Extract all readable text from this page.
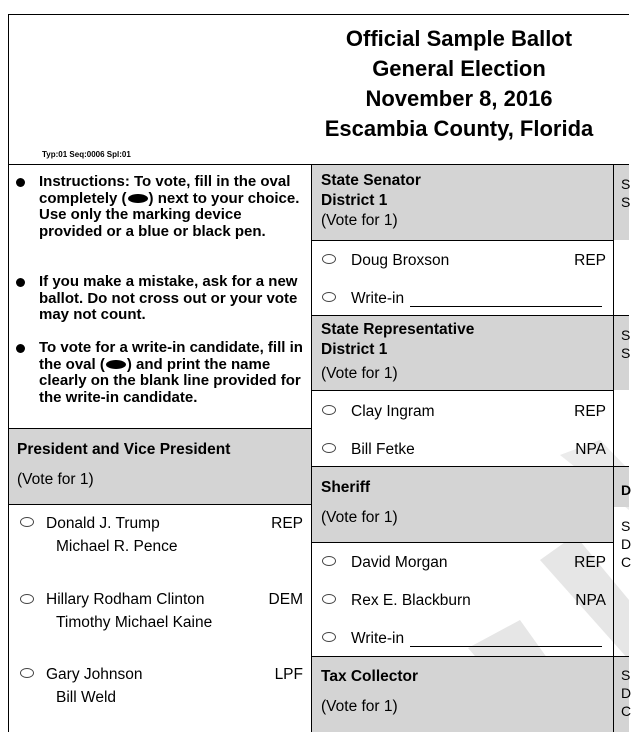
Official Sample Ballot
General Election
November 8, 2016
Escambia County, Florida
Typ:01 Seq:0006 Spl:01
Instructions: To vote, fill in the oval completely ( ) next to your choice. Use only the marking device provided or a blue or black pen.
If you make a mistake, ask for a new ballot. Do not cross out or your vote may not count.
To vote for a write-in candidate, fill in the oval ( ) and print the name clearly on the blank line provided for the write-in candidate.
President and Vice President
(Vote for 1)
Donald J. Trump
Michael R. Pence
REP
Hillary Rodham Clinton
Timothy Michael Kaine
DEM
Gary Johnson
Bill Weld
LPF
State Senator
District 1
(Vote for 1)
Doug Broxson	REP
Write-in
State Representative
District 1
(Vote for 1)
Clay Ingram	REP
Bill Fetke	NPA
Sheriff
(Vote for 1)
David Morgan	REP
Rex E. Blackburn	NPA
Write-in
Tax Collector
(Vote for 1)
S
S
S
S
D
S
D
C
S
D
C
